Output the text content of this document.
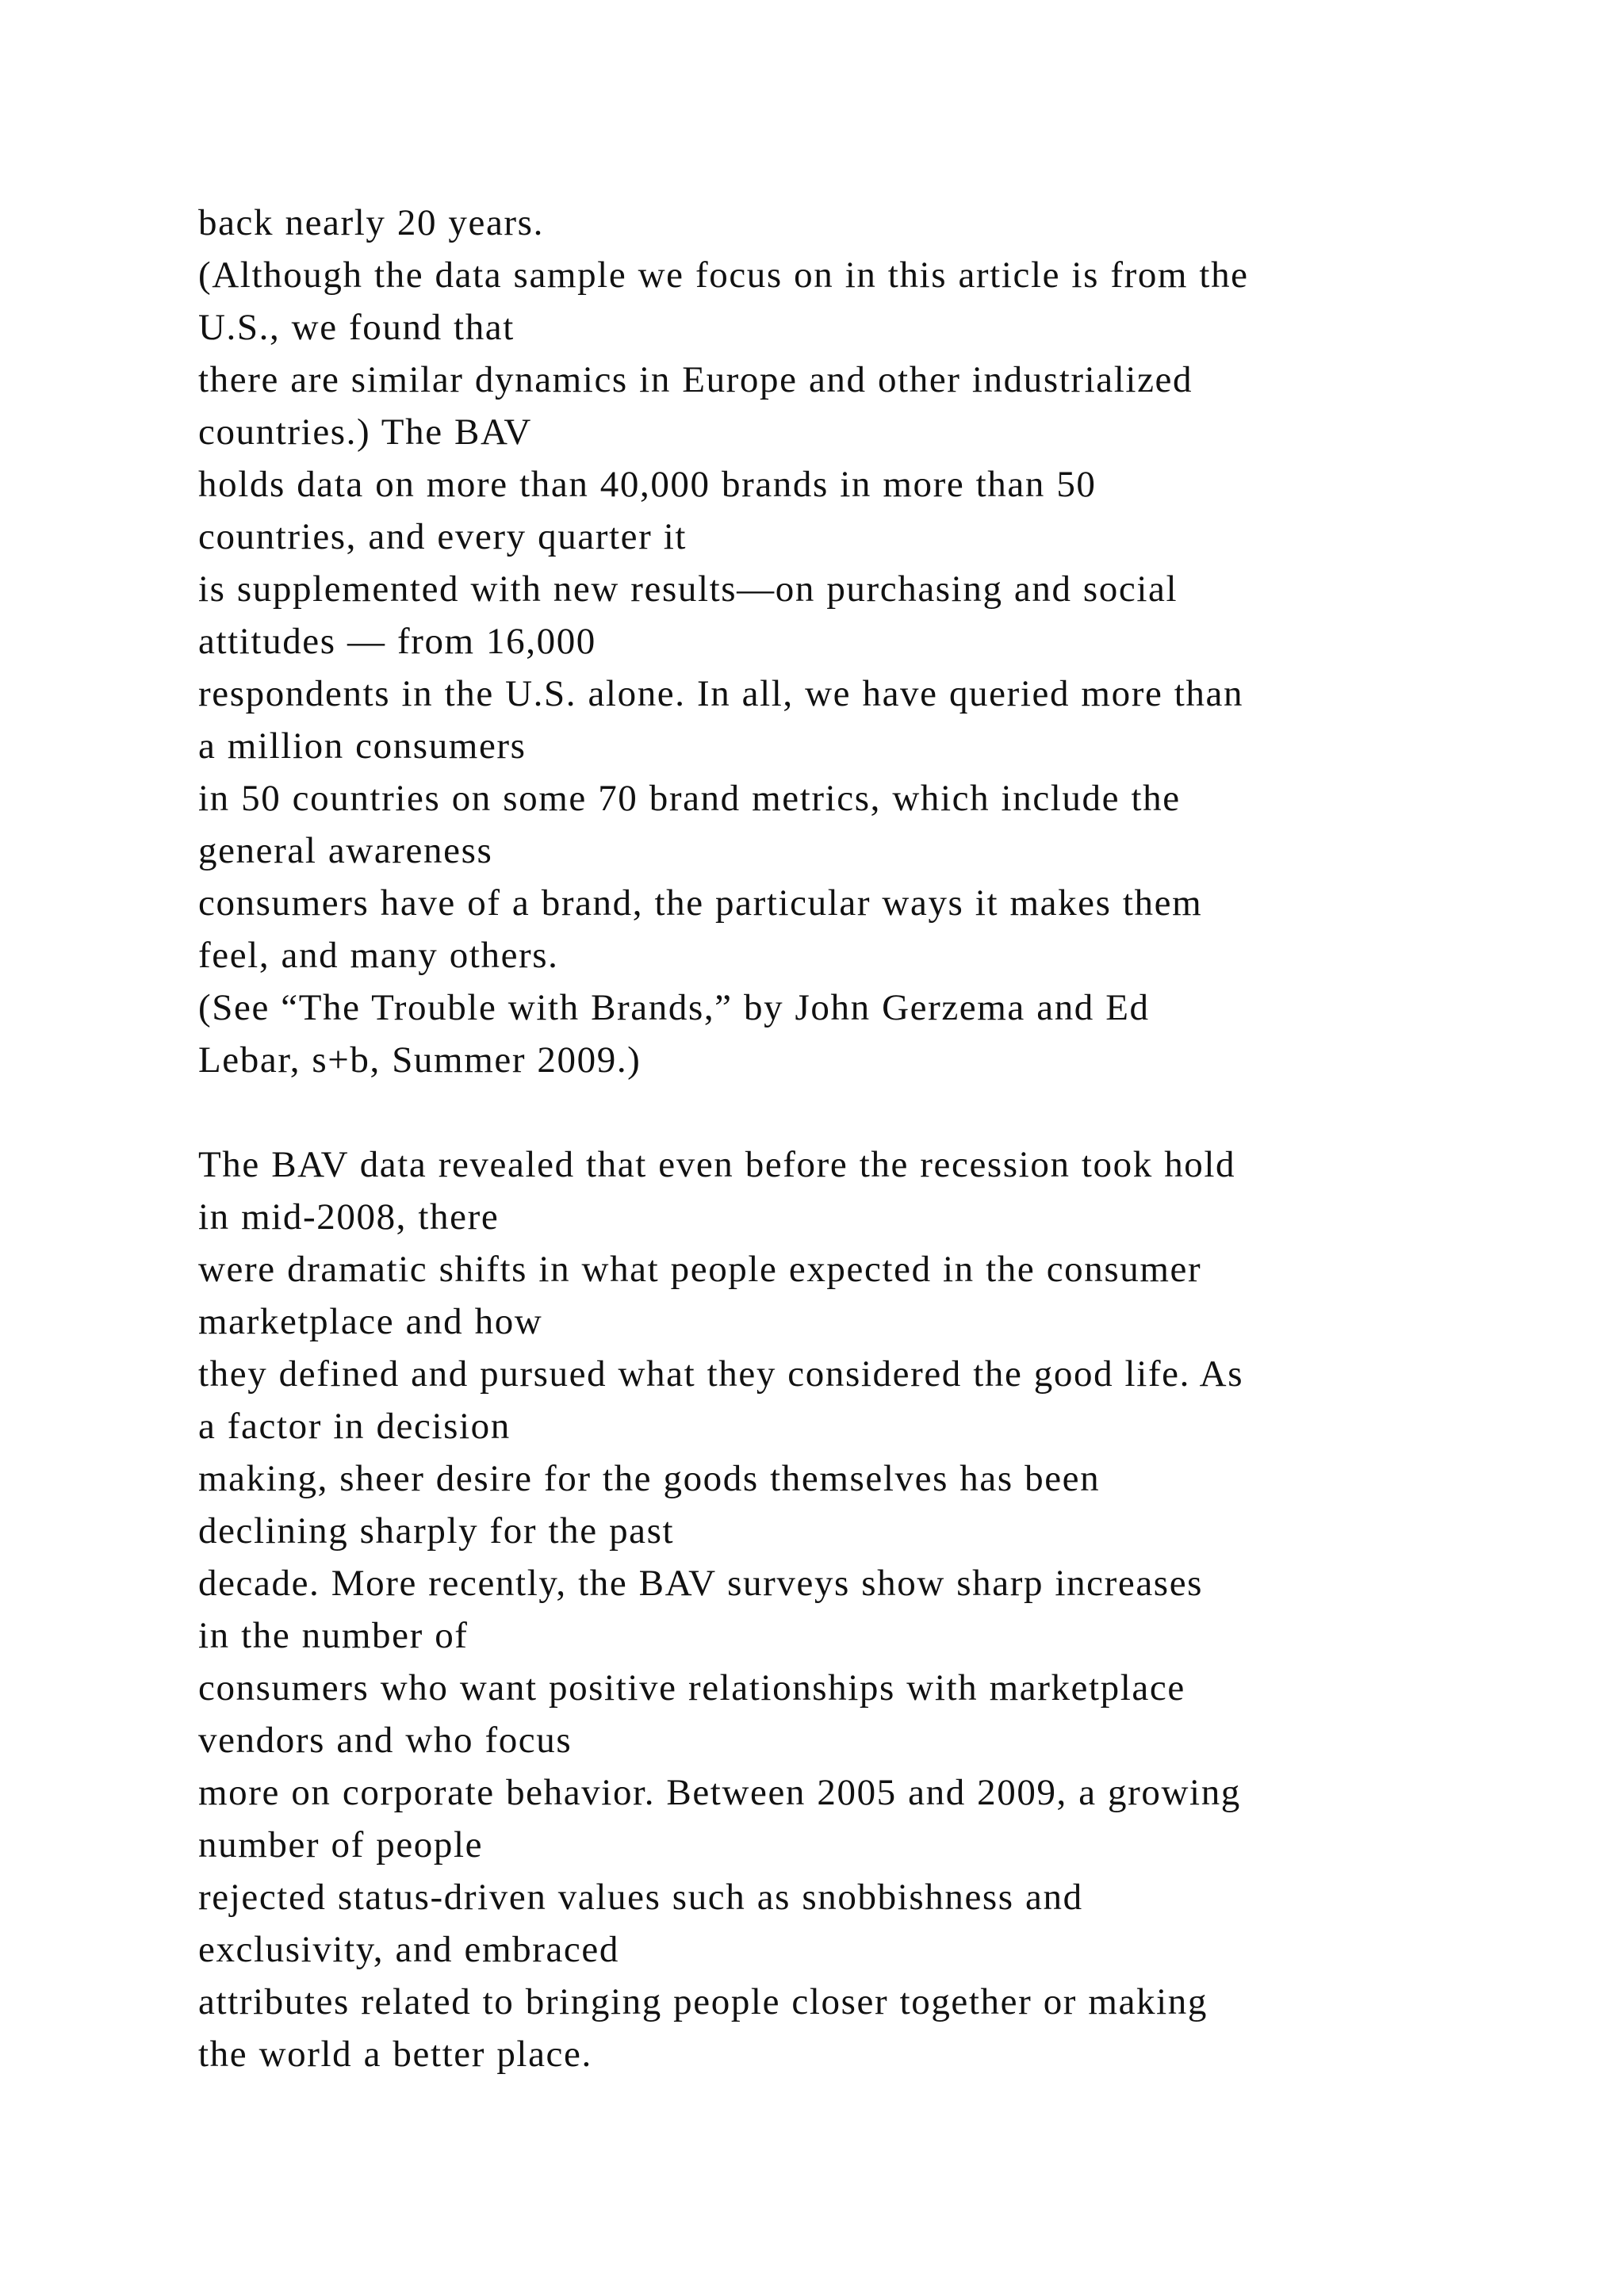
back nearly 20 years.
(Although the data sample we focus on in this article is from the
U.S., we found that
there are similar dynamics in Europe and other industrialized
countries.) The BAV
holds data on more than 40,000 brands in more than 50
countries, and every quarter it
is supplemented with new results—on purchasing and social
attitudes — from 16,000
respondents in the U.S. alone. In all, we have queried more than
a million consumers
in 50 countries on some 70 brand metrics, which include the
general awareness
consumers have of a brand, the particular ways it makes them
feel, and many others.
(See “The Trouble with Brands,” by John Gerzema and Ed
Lebar, s+b, Summer 2009.)
The BAV data revealed that even before the recession took hold
in mid-2008, there
were dramatic shifts in what people expected in the consumer
marketplace and how
they defined and pursued what they considered the good life. As
a factor in decision
making, sheer desire for the goods themselves has been
declining sharply for the past
decade. More recently, the BAV surveys show sharp increases
in the number of
consumers who want positive relationships with marketplace
vendors and who focus
more on corporate behavior. Between 2005 and 2009, a growing
number of people
rejected status-driven values such as snobbishness and
exclusivity, and embraced
attributes related to bringing people closer together or making
the world a better place.
